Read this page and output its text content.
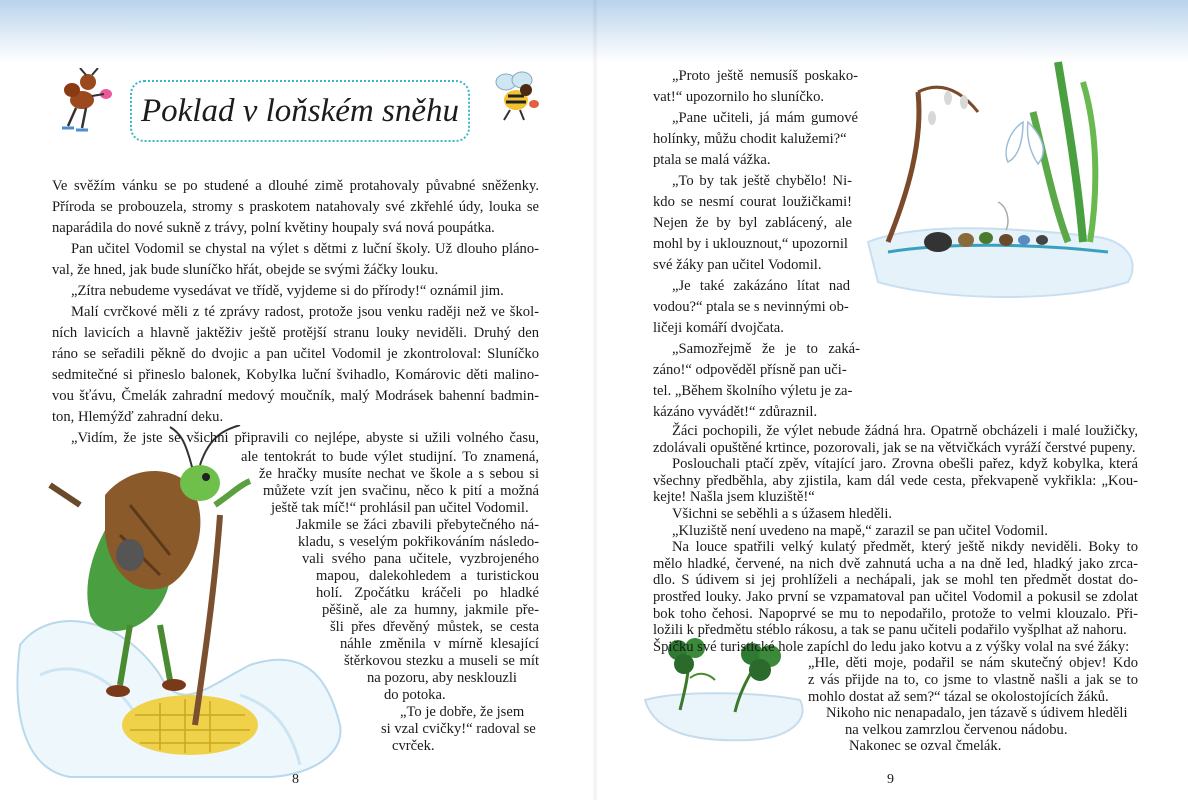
Poklad v loňském sněhu
Ve svěžím vánku se po studené a dlouhé zimě protahovaly půvabné sněženky.
Příroda se probouzela, stromy s praskotem natahovaly své zkřehlé údy, louka se
naparádila do nové sukně z trávy, polní květiny houpaly svá nová poupátka.
Pan učitel Vodomil se chystal na výlet s dětmi z luční školy. Už dlouho pláno-
val, že hned, jak bude sluníčko hřát, obejde se svými žáčky louku.
„Zítra nebudeme vysedávat ve třídě, vyjdeme si do přírody!“ oznámil jim.
Malí cvrčkové měli z té zprávy radost, protože jsou venku raději než ve škol-
ních lavicích a hlavně jaktěživ ještě protější stranu louky neviděli. Druhý den
ráno se seřadili pěkně do dvojic a pan učitel Vodomil je zkontroloval: Sluníčko
sedmitečné si přineslo balonek, Kobylka luční švihadlo, Komárovic děti malino-
vou šťávu, Čmelák zahradní medový moučník, malý Modrásek bahenní badmin-
ton, Hlemýžď zahradní deku.
„Vidím, že jste se všichni připravili co nejlépe, abyste si užili volného času,
ale tentokrát to bude výlet studijní. To znamená,
že hračky musíte nechat ve škole a s sebou si
můžete vzít jen svačinu, něco k pití a možná
ještě tak míč!“ prohlásil pan učitel Vodomil.
Jakmile se žáci zbavili přebytečného ná-
kladu, s veselým pokřikováním následo-
vali svého pana učitele, vyzbrojeného
mapou, dalekohledem a turistickou
holí. Zpočátku kráčeli po hladké
pěšině, ale za humny, jakmile pře-
šli přes dřevěný můstek, se cesta
náhle změnila v mírně klesající
štěrkovou stezku a museli se mít
na pozoru, aby nesklouzli
do potoka.
„To je dobře, že jsem
si vzal cvičky!“ radoval se
cvrček.
8
„Proto ještě nemusíš poskako-
vat!“ upozornilo ho sluníčko.
„Pane učiteli, já mám gumové
holínky, můžu chodit kalužemi?“
ptala se malá vážka.
„To by tak ještě chybělo! Ni-
kdo se nesmí courat loužičkami!
Nejen že by byl zablácený, ale
mohl by i uklouznout,“ upozornil
své žáky pan učitel Vodomil.
„Je také zakázáno lítat nad
vodou?“ ptala se s nevinnými ob-
ličeji komáří dvojčata.
„Samozřejmě že je to zaká-
záno!“ odpověděl přísně pan uči-
tel. „Během školního výletu je za-
kázáno vyvádět!“ zdůraznil.
Žáci pochopili, že výlet nebude žádná hra. Opatrně obcházeli i malé loužičky,
zdolávali opuštěné krtince, pozorovali, jak se na větvičkách vyráží čerstvé pupeny.
Poslouchali ptačí zpěv, vítající jaro. Zrovna obešli pařez, když kobylka, která
všechny předběhla, aby zjistila, kam dál vede cesta, překvapeně vykřikla: „Kou-
kejte! Našla jsem kluziště!“
Všichni se seběhli a s úžasem hleděli.
„Kluziště není uvedeno na mapě,“ zarazil se pan učitel Vodomil.
Na louce spatřili velký kulatý předmět, který ještě nikdy neviděli. Boky to
mělo hladké, červené, na nich dvě zahnutá ucha a na dně led, hladký jako zrca-
dlo. S údivem si jej prohlíželi a nechápali, jak se mohl ten předmět dostat do-
prostřed louky. Jako první se vzpamatoval pan učitel Vodomil a pokusil se zdolat
bok toho čehosi. Napoprvé se mu to nepodařilo, protože to velmi klouzalo. Při-
ložili k předmětu stéblo rákosu, a tak se panu učiteli podařilo vyšplhat až nahoru.
Špičku své turistické hole zapíchl do ledu jako kotvu a z výšky volal na své žáky:
„Hle, děti moje, podařil se nám skutečný objev! Kdo
z vás přijde na to, co jsme to vlastně našli a jak se to
mohlo dostat až sem?“ tázal se okolostojících žáků.
Nikoho nic nenapadalo, jen tázavě s údivem hleděli
na velkou zamrzlou červenou nádobu.
Nakonec se ozval čmelák.
9
